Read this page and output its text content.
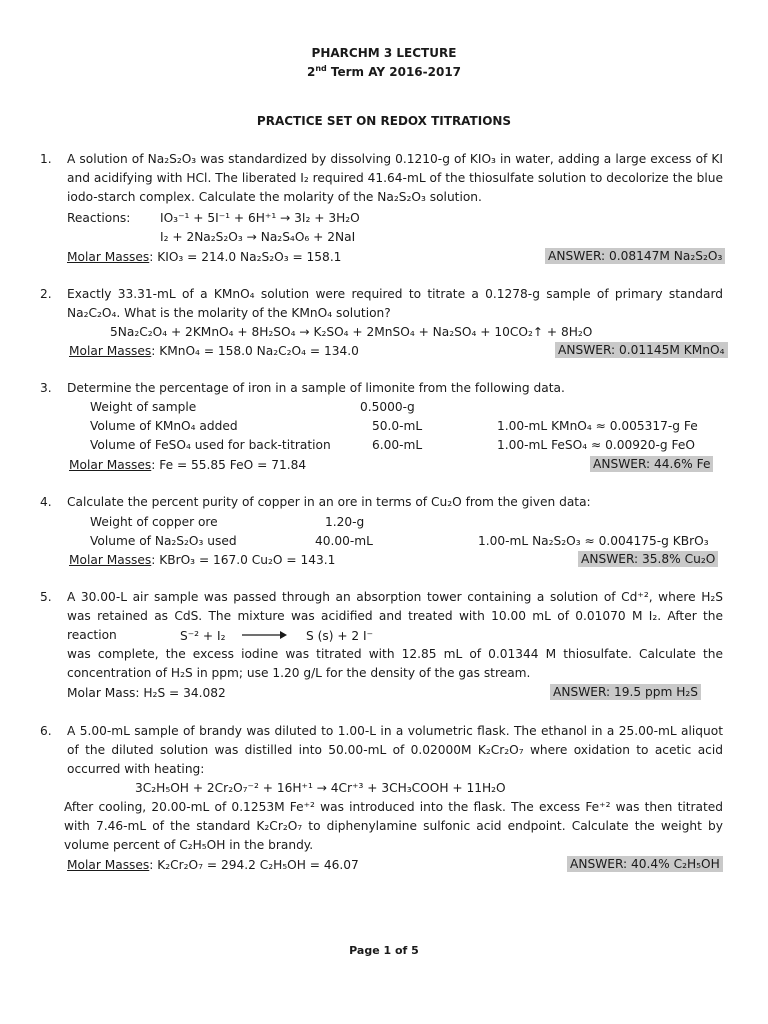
PHARCHM 3 LECTURE
2nd Term AY 2016-2017
PRACTICE SET ON REDOX TITRATIONS
1. A solution of Na₂S₂O₃ was standardized by dissolving 0.1210-g of KIO₃ in water, adding a large excess of KI and acidifying with HCl. The liberated I₂ required 41.64-mL of the thiosulfate solution to decolorize the blue iodo-starch complex. Calculate the molarity of the Na₂S₂O₃ solution.
Reactions: IO₃⁻¹ + 5I⁻¹ + 6H⁺¹ → 3I₂ + 3H₂O
I₂ + 2Na₂S₂O₃ → Na₂S₄O₆ + 2NaI
Molar Masses: KIO₃ = 214.0 Na₂S₂O₃ = 158.1	ANSWER: 0.08147M Na₂S₂O₃
2. Exactly 33.31-mL of a KMnO₄ solution were required to titrate a 0.1278-g sample of primary standard Na₂C₂O₄. What is the molarity of the KMnO₄ solution?
5Na₂C₂O₄ + 2KMnO₄ + 8H₂SO₄ → K₂SO₄ + 2MnSO₄ + Na₂SO₄ + 10CO₂↑ + 8H₂O
Molar Masses: KMnO₄ = 158.0 Na₂C₂O₄ = 134.0	ANSWER: 0.01145M KMnO₄
3. Determine the percentage of iron in a sample of limonite from the following data.
Weight of sample	0.5000-g
Volume of KMnO₄ added	50.0-mL	1.00-mL KMnO₄ ≈ 0.005317-g Fe
Volume of FeSO₄ used for back-titration	6.00-mL	1.00-mL FeSO₄ ≈ 0.00920-g FeO
Molar Masses: Fe = 55.85 FeO = 71.84	ANSWER: 44.6% Fe
4. Calculate the percent purity of copper in an ore in terms of Cu₂O from the given data:
Weight of copper ore	1.20-g
Volume of Na₂S₂O₃ used	40.00-mL	1.00-mL Na₂S₂O₃ ≈ 0.004175-g KBrO₃
Molar Masses: KBrO₃ = 167.0 Cu₂O = 143.1	ANSWER: 35.8% Cu₂O
5. A 30.00-L air sample was passed through an absorption tower containing a solution of Cd⁺², where H₂S was retained as CdS. The mixture was acidified and treated with 10.00 mL of 0.01070 M I₂. After the reaction	S⁻² + I₂ → S (s) + 2 I⁻
was complete, the excess iodine was titrated with 12.85 mL of 0.01344 M thiosulfate. Calculate the concentration of H₂S in ppm; use 1.20 g/L for the density of the gas stream.
Molar Mass: H₂S = 34.082	ANSWER: 19.5 ppm H₂S
6. A 5.00-mL sample of brandy was diluted to 1.00-L in a volumetric flask. The ethanol in a 25.00-mL aliquot of the diluted solution was distilled into 50.00-mL of 0.02000M K₂Cr₂O₇ where oxidation to acetic acid occurred with heating:
3C₂H₅OH + 2Cr₂O₇⁻² + 16H⁺¹ → 4Cr⁺³ + 3CH₃COOH + 11H₂O
After cooling, 20.00-mL of 0.1253M Fe⁺² was introduced into the flask. The excess Fe⁺² was then titrated with 7.46-mL of the standard K₂Cr₂O₇ to diphenylamine sulfonic acid endpoint. Calculate the weight by volume percent of C₂H₅OH in the brandy.
Molar Masses: K₂Cr₂O₇ = 294.2 C₂H₅OH = 46.07	ANSWER: 40.4% C₂H₅OH
Page 1 of 5
